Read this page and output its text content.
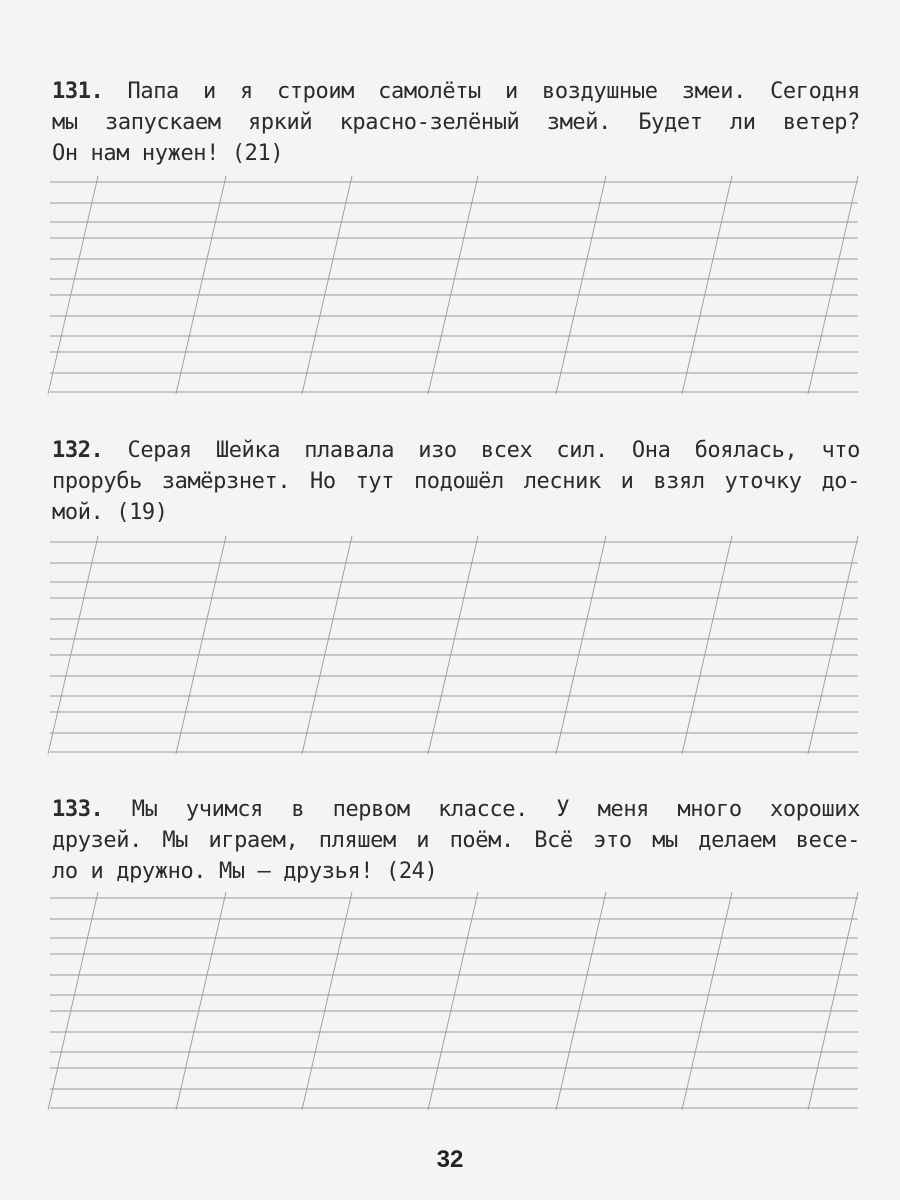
131. Папа и я строим самолёты и воздушные змеи. Сегодня
мы запускаем яркий красно-зелёный змей. Будет ли ветер?
Он нам нужен! (21)

132. Серая Шейка плавала изо всех сил. Она боялась, что
прорубь замёрзнет. Но тут подошёл лесник и взял уточку до-
мой. (19)

133. Мы учимся в первом классе. У меня много хороших
друзей. Мы играем, пляшем и поём. Всё это мы делаем весе-
ло и дружно. Мы — друзья! (24)

32
